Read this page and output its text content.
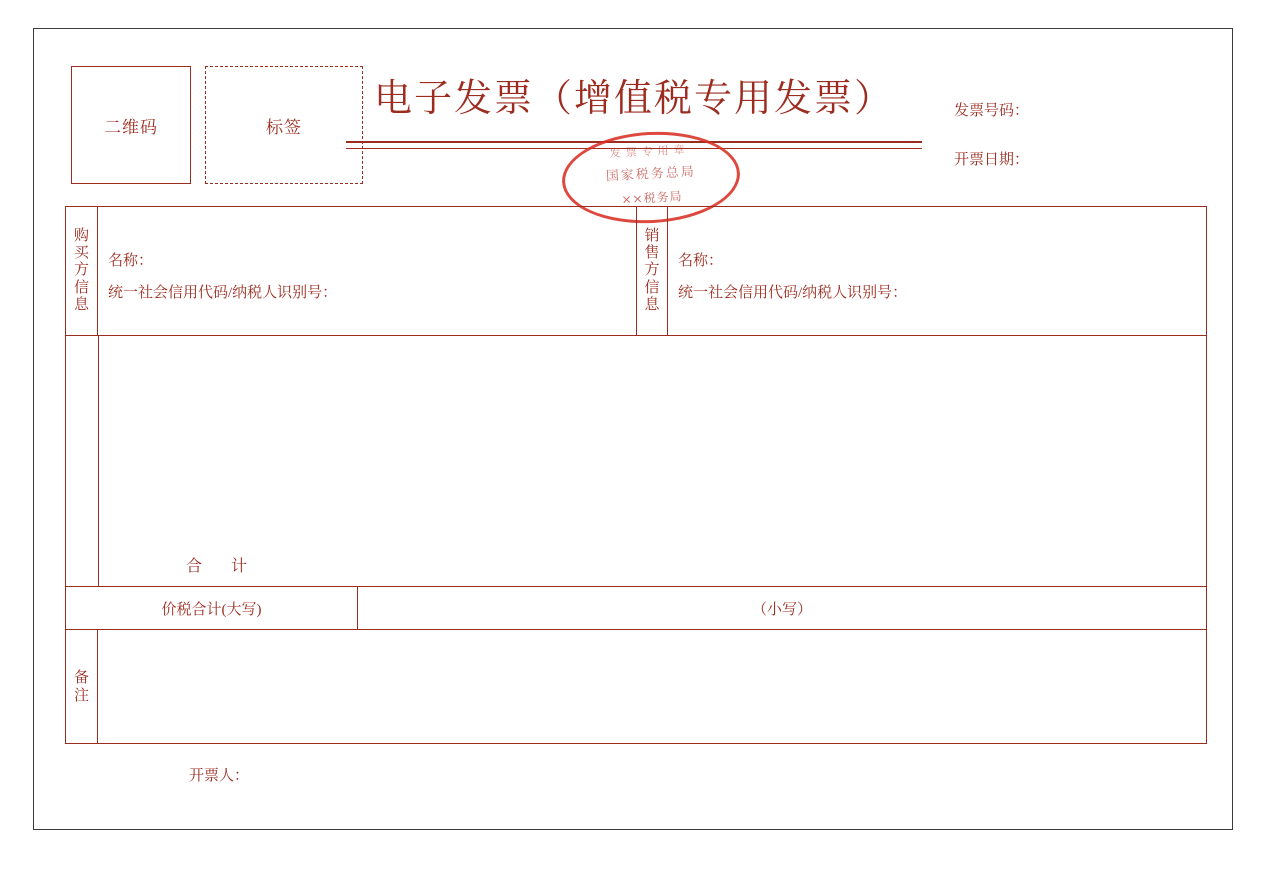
二维码	标签
电子发票（增值税专用发票）
发票专用章
国家税务总局
××税务局
发票号码：
开票日期：
购买方信息
名称：
统一社会信用代码/纳税人识别号：
销售方信息
名称：
统一社会信用代码/纳税人识别号：
合 计
价税合计(大写)	（小写）
备注
开票人：
